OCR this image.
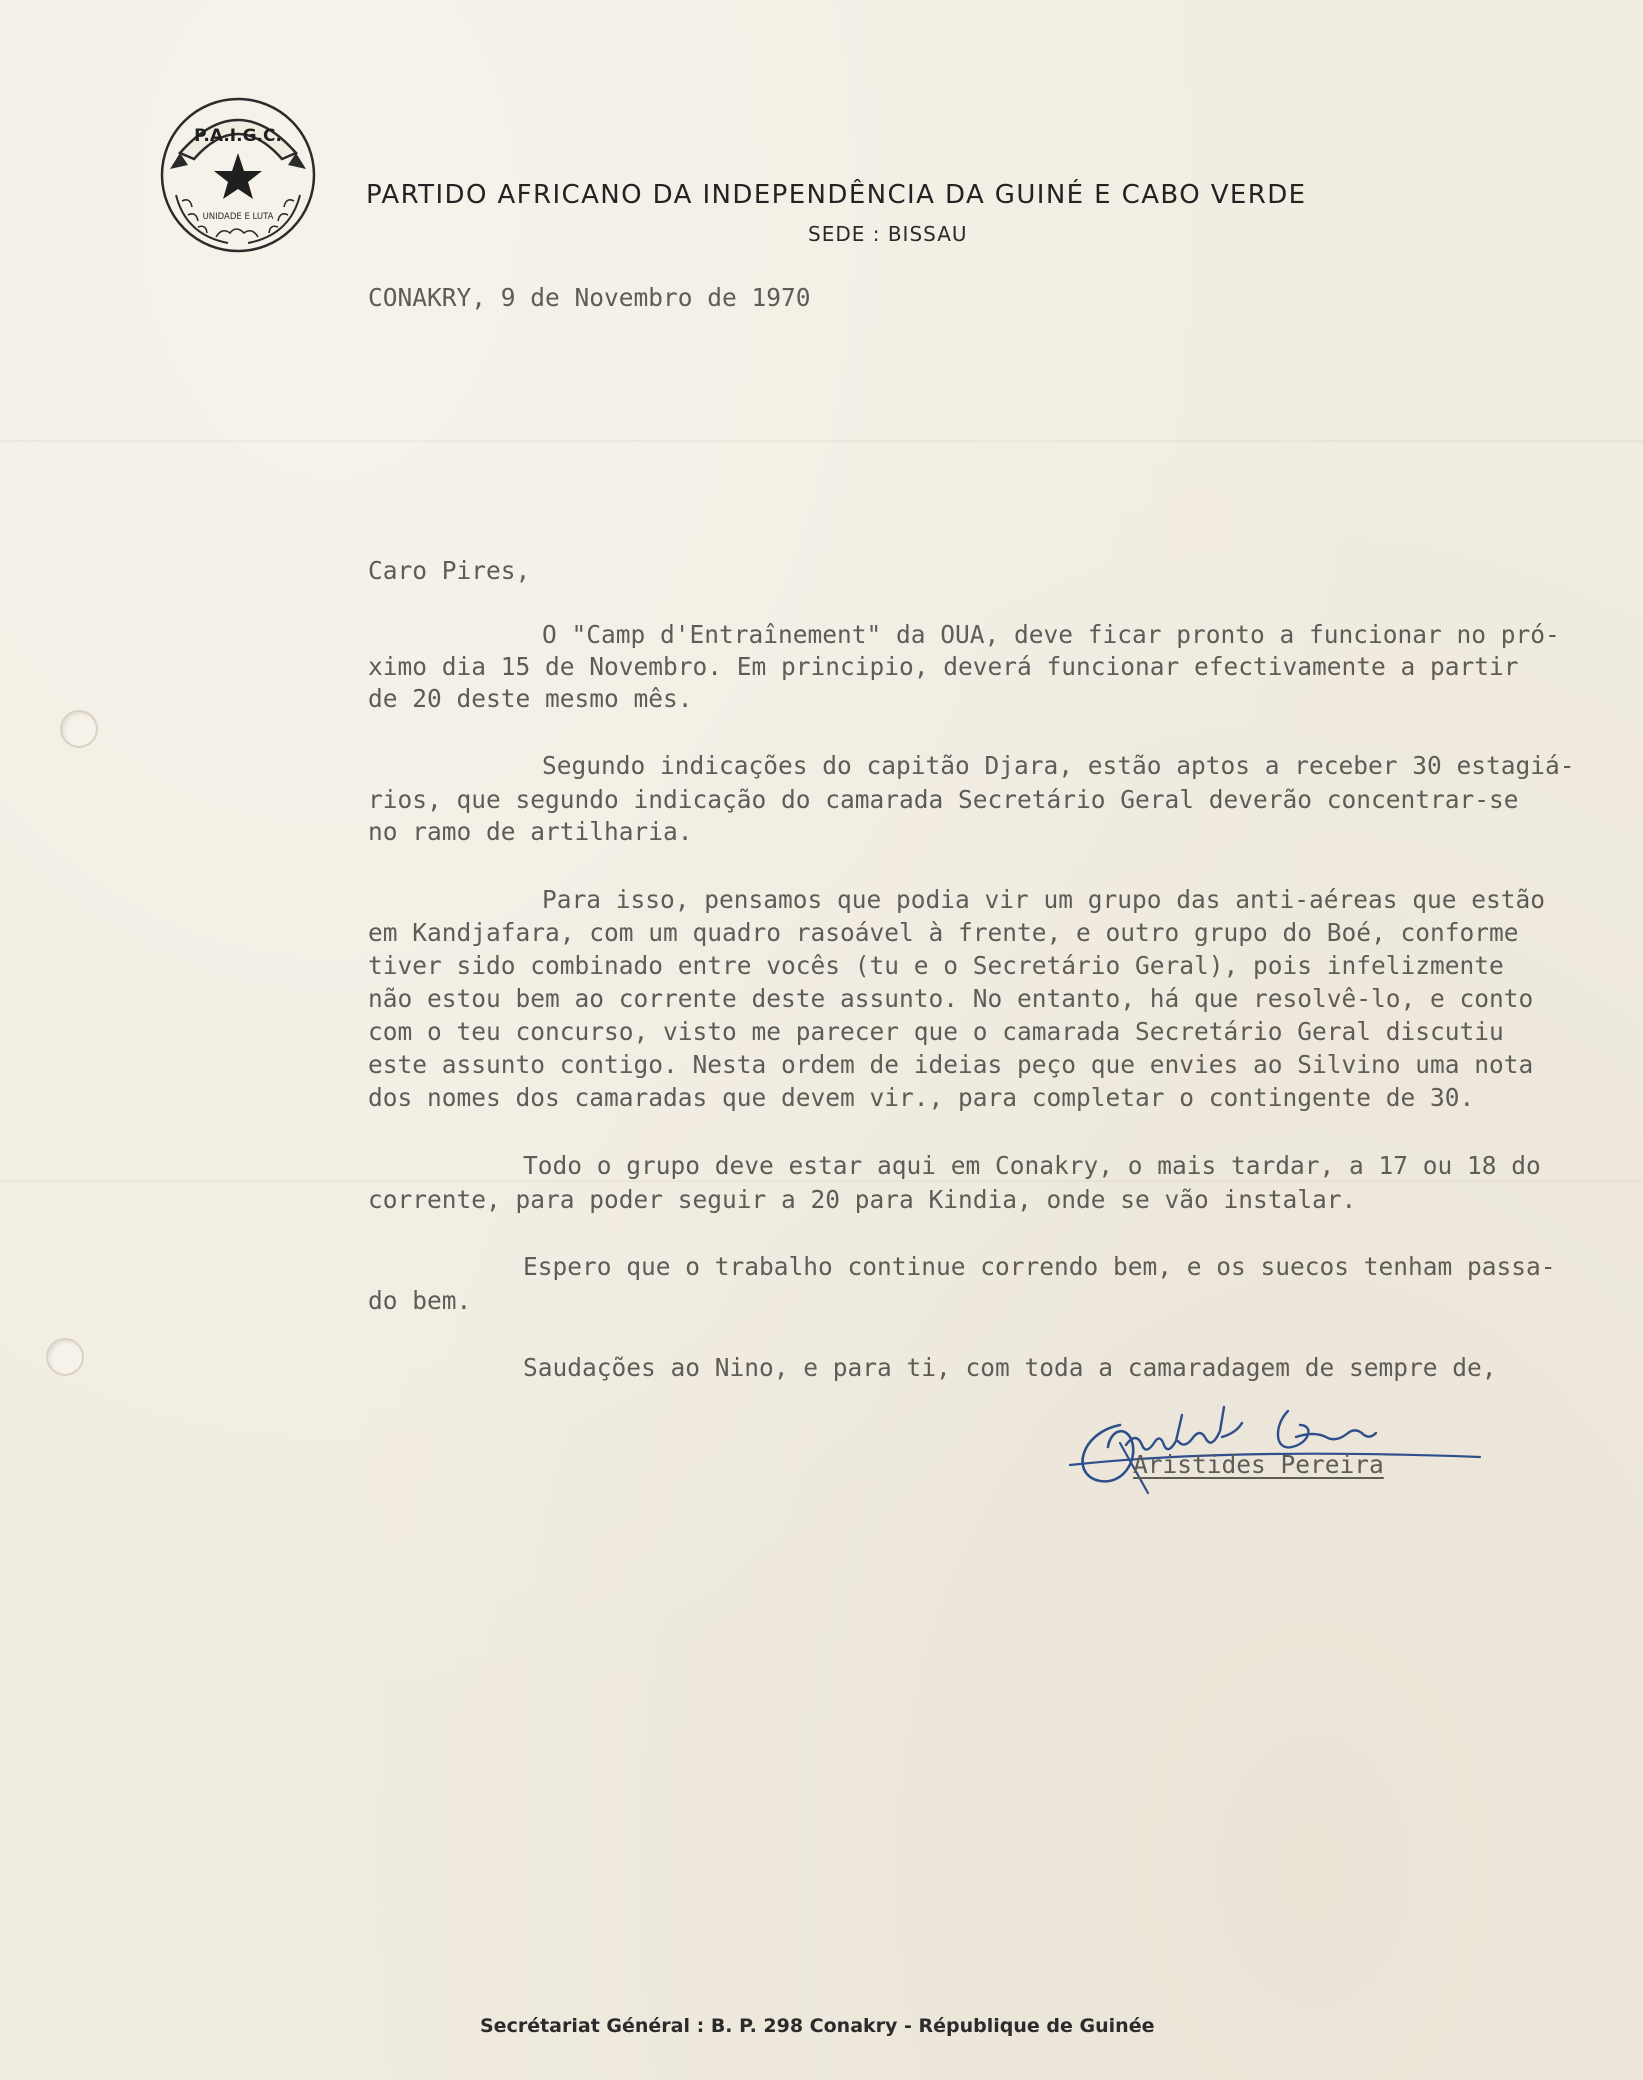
P.A.I.G.C.
UNIDADE E LUTA
PARTIDO AFRICANO DA INDEPENDÊNCIA DA GUINÉ E CABO VERDE
SEDE : BISSAU
CONAKRY, 9 de Novembro de 1970
Caro Pires,
O "Camp d'Entraînement" da OUA, deve ficar pronto a funcionar no pró-
ximo dia 15 de Novembro. Em principio, deverá funcionar efectivamente a partir
de 20 deste mesmo mês.
Segundo indicações do capitão Djara, estão aptos a receber 30 estagiá-
rios, que segundo indicação do camarada Secretário Geral deverão concentrar-se
no ramo de artilharia.
Para isso, pensamos que podia vir um grupo das anti-aéreas que estão
em Kandjafara, com um quadro rasoável à frente, e outro grupo do Boé, conforme
tiver sido combinado entre vocês (tu e o Secretário Geral), pois infelizmente
não estou bem ao corrente deste assunto. No entanto, há que resolvê-lo, e conto
com o teu concurso, visto me parecer que o camarada Secretário Geral discutiu
este assunto contigo. Nesta ordem de ideias peço que envies ao Silvino uma nota
dos nomes dos camaradas que devem vir., para completar o contingente de 30.
Todo o grupo deve estar aqui em Conakry, o mais tardar, a 17 ou 18 do
corrente, para poder seguir a 20 para Kindia, onde se vão instalar.
Espero que o trabalho continue correndo bem, e os suecos tenham passa-
do bem.
Saudações ao Nino, e para ti, com toda a camaradagem de sempre de,
Aristides Pereira
Secrétariat Général : B. P. 298 Conakry - République de Guinée
